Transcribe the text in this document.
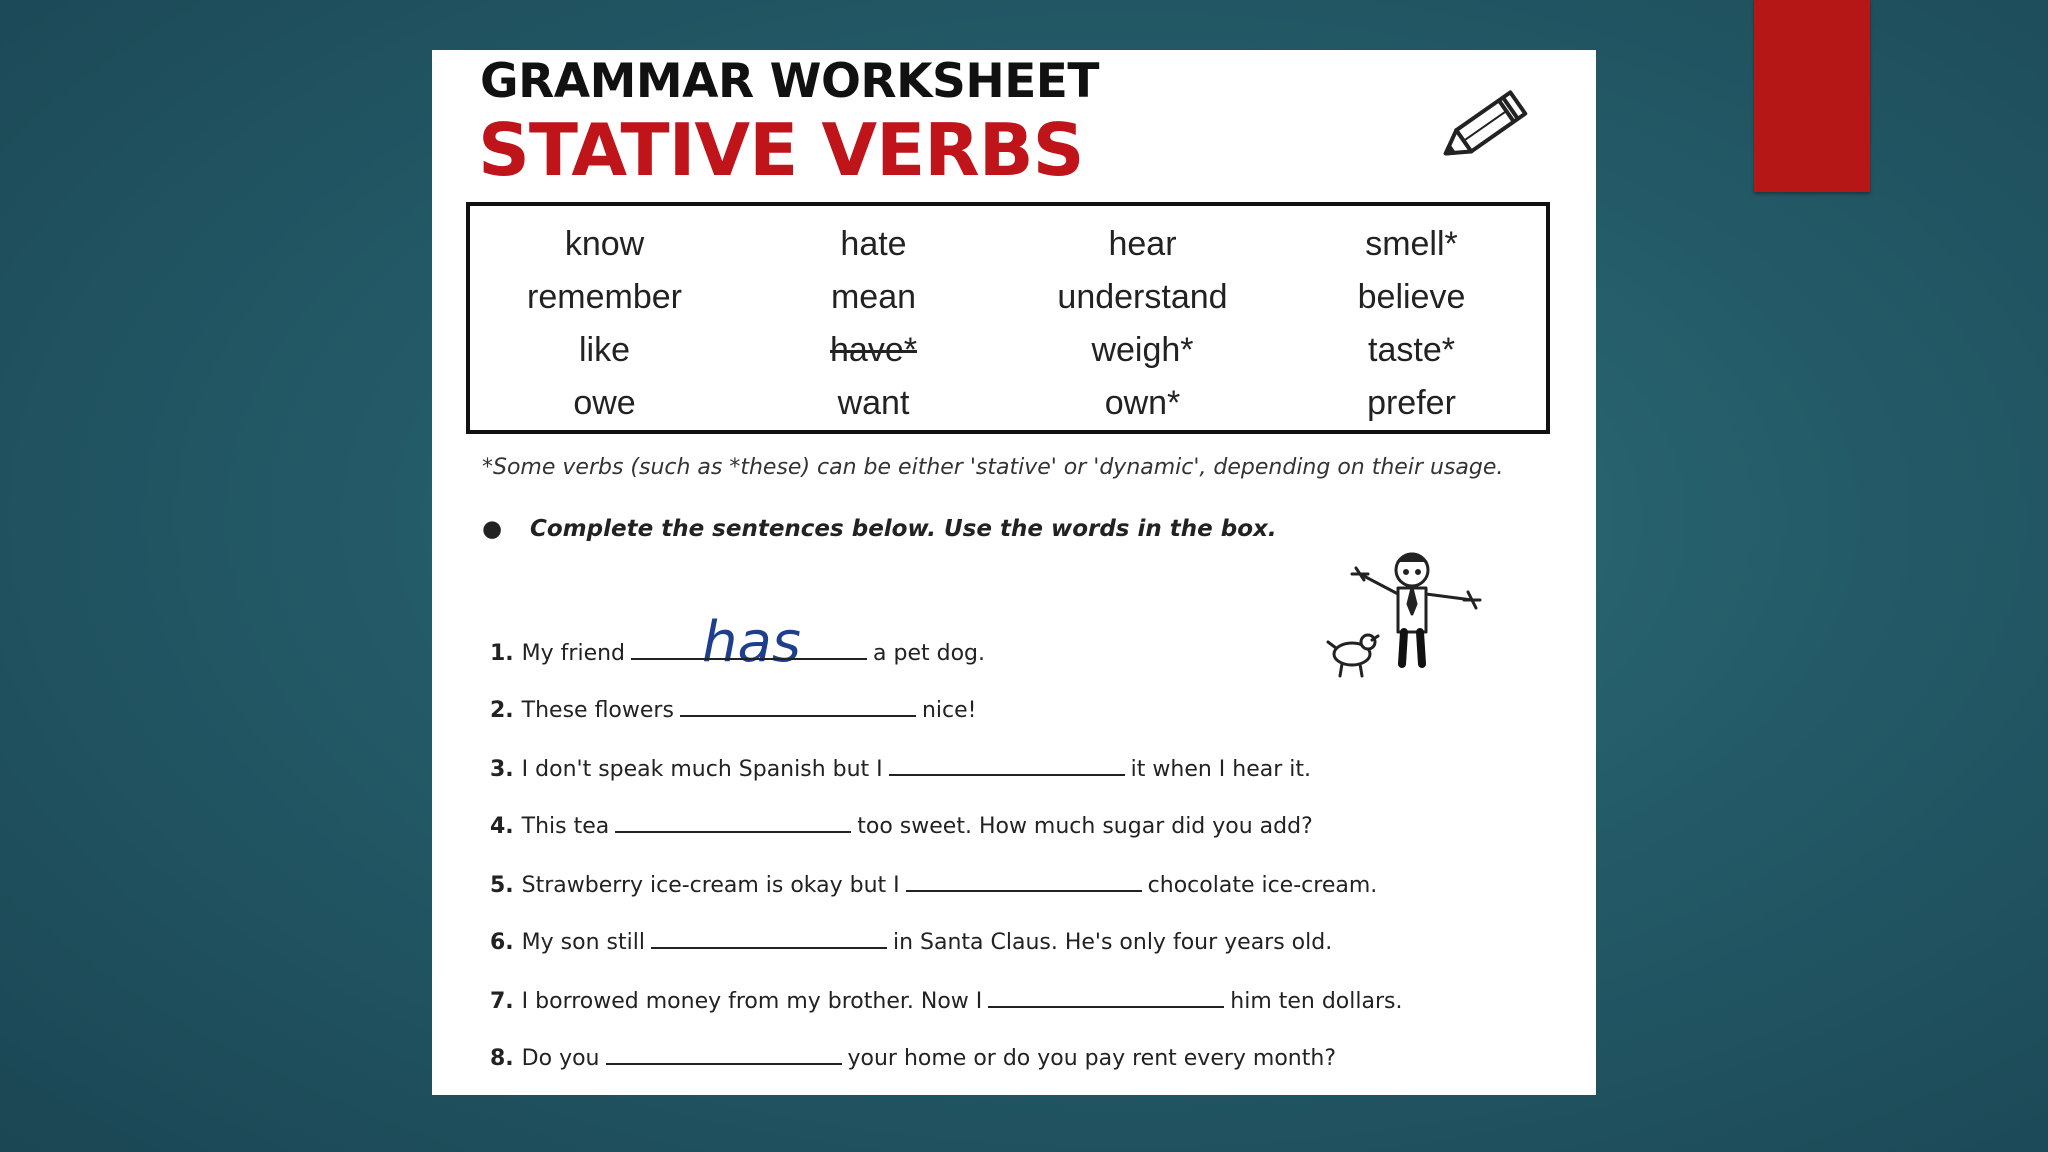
GRAMMAR WORKSHEET
STATIVE VERBS
know	hate	hear	smell*
remember	mean	understand	believe
like	have*	weigh*	taste*
owe	want	own*	prefer
*Some verbs (such as *these) can be either 'stative' or 'dynamic', depending on their usage.
● Complete the sentences below. Use the words in the box.
has
1. My friend	a pet dog.
2. These flowers	nice!
3. I don't speak much Spanish but I	it when I hear it.
4. This tea	too sweet. How much sugar did you add?
5. Strawberry ice-cream is okay but I	chocolate ice-cream.
6. My son still	in Santa Claus. He's only four years old.
7. I borrowed money from my brother. Now I	him ten dollars.
8. Do you	your home or do you pay rent every month?
